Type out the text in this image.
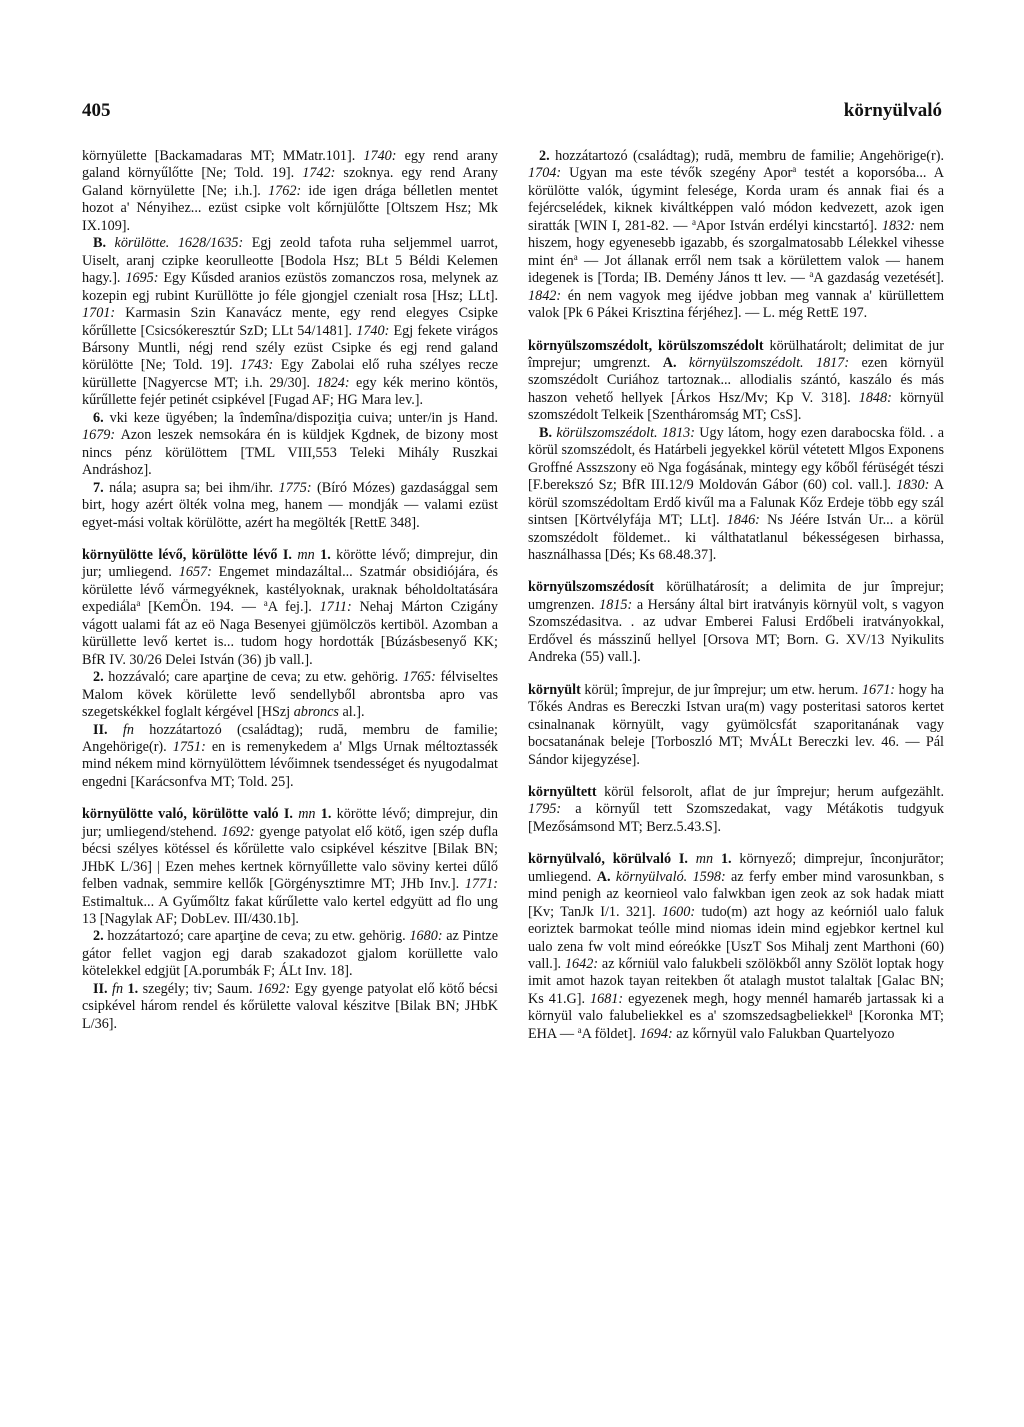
405	környülvaló

környülette [Backamadaras MT; MMatr.101]. 1740: egy rend arany galand környűlőtte [Ne; Told. 19]. 1742: szoknya. egy rend Arany Galand környülette [Ne; i.h.]. 1762: ide igen drága bélletlen mentet hozot a' Nényihez... ezüst csipke volt kőrnjülőtte [Oltszem Hsz; Mk IX.109].

B. körülötte. 1628/1635: Egj zeold tafota ruha seljemmel uarrot, Uiselt, aranj czipke keorulleotte [Bodola Hsz; BLt 5 Béldi Kelemen hagy.]. 1695: Egy Kűsded aranios ezüstös zomanczos rosa, melynek az kozepin egj rubint Kurüllötte jo féle gjongjel czenialt rosa [Hsz; LLt]. 1701: Karmasin Szin Kanavácz mente, egy rend elegyes Csipke kőrűllette [Csicsókeresztúr SzD; LLt 54/1481]. 1740: Egj fekete virágos Bársony Muntli, négj rend szély ezüst Csipke és egj rend galand körülötte [Ne; Told. 19]. 1743: Egy Zabolai elő ruha szélyes recze kürüllette [Nagyercse MT; i.h. 29/30]. 1824: egy kék merino köntös, kűrűllette fejér petinét csipkével [Fugad AF; HG Mara lev.].

6. vki keze ügyében; la îndemîna/dispoziţia cuiva; unter/in js Hand. 1679: Azon leszek nemsokára én is küldjek Kgdnek, de bizony most nincs pénz körülöttem [TML VIII,553 Teleki Mihály Ruszkai Andráshoz].

7. nála; asupra sa; bei ihm/ihr. 1775: (Bíró Mózes) gazdasággal sem birt, hogy azért ölték volna meg, hanem — mondják — valami ezüst egyet-mási voltak körülötte, azért ha megölték [RettE 348].

környülötte lévő, körülötte lévő I. mn 1. körötte lévő; dimprejur, din jur; umliegend. 1657: Engemet mindazáltal... Szatmár obsidiójára, és körülette lévő vármegyéknek, kastélyoknak, uraknak béholdoltatására expediála$^a$ [KemÖn. 194. — $^a$A fej.]. 1711: Nehaj Márton Czigány vágott ualami fát az eö Naga Besenyei gjümölczös kertiböl. Azomban a kürüllette levő kertet is... tudom hogy hordották [Búzásbesenyő KK; BfR IV. 30/26 Delei István (36) jb vall.].

2. hozzávaló; care aparţine de ceva; zu etw. gehörig. 1765: félviseltes Malom kövek körülette levő sendellyből abrontsba apro vas szegetskékkel foglalt kérgével [HSzj abroncs al.].

II. fn hozzátartozó (családtag); rudă, membru de familie; Angehörige(r). 1751: en is remenykedem a' Mlgs Urnak méltoztassék mind nékem mind környülöttem lévőimnek tsendességet és nyugodalmat engedni [Karácsonfva MT; Told. 25].

környülötte való, körülötte való I. mn 1. körötte lévő; dimprejur, din jur; umliegend/stehend. 1692: gyenge patyolat elő kötő, igen szép dufla bécsi szélyes kötéssel és kőrülette valo csipkével készitve [Bilak BN; JHbK L/36] | Ezen mehes kertnek környűllette valo söviny kertei dűlő felben vadnak, semmire kellők [Görgénysztimre MT; JHb Inv.]. 1771: Estimaltuk... A Gyűmőltz fakat kűrűlette valo kertel edgyütt ad flo ung 13 [Nagylak AF; DobLev. III/430.1b].

2. hozzátartozó; care aparţine de ceva; zu etw. gehörig. 1680: az Pintze gátor fellet vagjon egj darab szakadozot gjalom korüllette valo kötelekkel edgjüt [A.porumbák F; ÁLt Inv. 18].

II. fn 1. szegély; tiv; Saum. 1692: Egy gyenge patyolat elő kötő bécsi csipkével három rendel és kőrülette valoval készitve [Bilak BN; JHbK L/36].

2. hozzátartozó (családtag); rudă, membru de familie; Angehörige(r). 1704: Ugyan ma este tévők szegény Apor$^a$ testét a koporsóba... A körülötte valók, úgymint felesége, Korda uram és annak fiai és a fejércselédek, kiknek kiváltképpen való módon kedvezett, azok igen siratták [WIN I, 281-82. — $^a$Apor István erdélyi kincstartó]. 1832: nem hiszem, hogy egyenesebb igazabb, és szorgalmatosabb Lélekkel vihesse mint $én^a$ — Jot állanak erről nem tsak a körülettem valok — hanem idegenek is [Torda; IB. Demény János tt lev. — $^a$A gazdaság vezetését]. 1842: én nem vagyok meg ijédve jobban meg vannak a' kürüllettem valok [Pk 6 Pákei Krisztina férjéhez]. — L. még RettE 197.

környülszomszédolt, körülszomszédolt körülhatárolt; delimitat de jur împrejur; umgrenzt. A. környülszomszédolt. 1817: ezen környül szomszédolt Curiához tartoznak... allodialis szántó, kaszálo és más haszon vehető hellyek [Árkos Hsz/Mv; Kp V. 318]. 1848: környül szomszédolt Telkeik [Szentháromság MT; CsS].

B. körülszomszédolt. 1813: Ugy látom, hogy ezen darabocska föld. . a körül szomszédolt, és Határbeli jegyekkel körül vétetett Mlgos Exponens Groffné Asszszony eö Nga fogásának, mintegy egy kőből férüségét tészi [F.berekszó Sz; BfR III.12/9 Moldován Gábor (60) col. vall.]. 1830: A körül szomszédoltam Erdő kivűl ma a Falunak Kőz Erdeje több egy szál sintsen [Körtvélyfája MT; LLt]. 1846: Ns Jéére István Ur... a körül szomszédolt földemet.. ki válthatatlanul békességesen birhassa, használhassa [Dés; Ks 68.48.37].

környülszomszédosít körülhatárosít; a delimita de jur împrejur; umgrenzen. 1815: a Hersány által birt iratványis környül volt, s vagyon Szomszédasitva. . az udvar Emberei Falusi Erdőbeli iratványokkal, Erdővel és másszinű hellyel [Orsova MT; Born. G. XV/13 Nyikulits Andreka (55) vall.].

környült körül; împrejur, de jur împrejur; um etw. herum. 1671: hogy ha Tőkés Andras es Bereczki Istvan ura(m) vagy posteritasi satoros kertet csinalnanak környült, vagy gyümölcsfát szaporitanának vagy bocsatanának beleje [Torboszló MT; MvÁLt Bereczki lev. 46. — Pál Sándor kijegyzése].

környültett körül felsorolt, aflat de jur împrejur; herum aufgezählt. 1795: a környűl tett Szomszedakat, vagy Métákotis tudgyuk [Mezősámsond MT; Berz.5.43.S].

környülvaló, körülvaló I. mn 1. környező; dimprejur, înconjurător; umliegend. A. környülvaló. 1598: az ferfy ember mind varosunkban, s mind penigh az keornieol valo falwkban igen zeok az sok hadak miatt [Kv; TanJk I/1. 321]. 1600: tudo(m) azt hogy az keórniól ualo faluk eoriztek barmokat teólle mind niomas idein mind egjebkor kertnel kul ualo zena fw volt mind eóreókke [UszT Sos Mihalj zent Marthoni (60) vall.]. 1642: az kőrniül valo falukbeli szölökből anny Szölöt loptak hogy imit amot hazok tayan reitekben őt atalagh mustot talaltak [Galac BN; Ks 41.G]. 1681: egyezenek megh, hogy mennél hamaréb jartassak ki a környül valo falubeliekkel es a' szomszedsagbeliekkel$^a$ [Koronka MT; EHA — $^a$A földet]. 1694: az kőrnyül valo Falukban Quartelyozo
